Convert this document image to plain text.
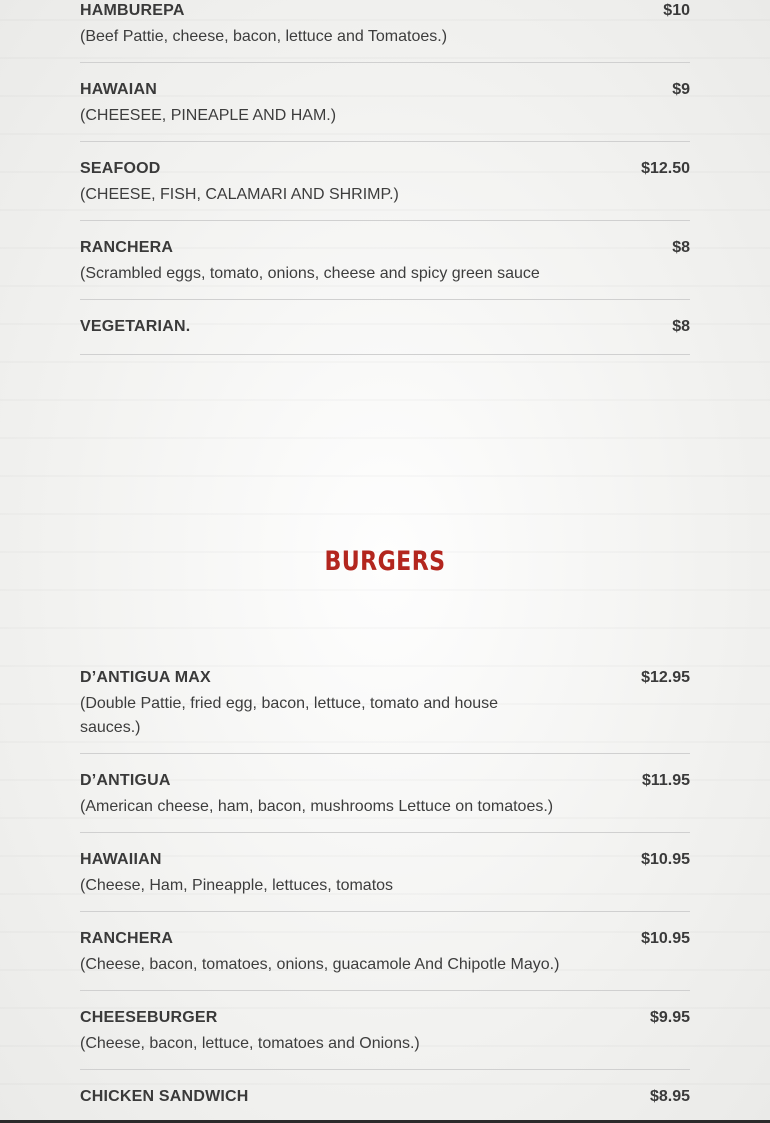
HAMBUREPA	$10
(Beef Pattie, cheese, bacon, lettuce and Tomatoes.)
HAWAIAN	$9
(CHEESEE, PINEAPLE AND HAM.)
SEAFOOD	$12.50
(CHEESE, FISH, CALAMARI AND SHRIMP.)
RANCHERA	$8
(Scrambled eggs, tomato, onions, cheese and spicy green sauce
VEGETARIAN.	$8
BURGERS
D’ANTIGUA MAX	$12.95
(Double Pattie, fried egg, bacon, lettuce, tomato and house sauces.)
D’ANTIGUA	$11.95
(American cheese, ham, bacon, mushrooms Lettuce on tomatoes.)
HAWAIIAN	$10.95
(Cheese, Ham, Pineapple, lettuces, tomatos
RANCHERA	$10.95
(Cheese, bacon, tomatoes, onions, guacamole And Chipotle Mayo.)
CHEESEBURGER	$9.95
(Cheese, bacon, lettuce, tomatoes and Onions.)
CHICKEN SANDWICH	$8.95
